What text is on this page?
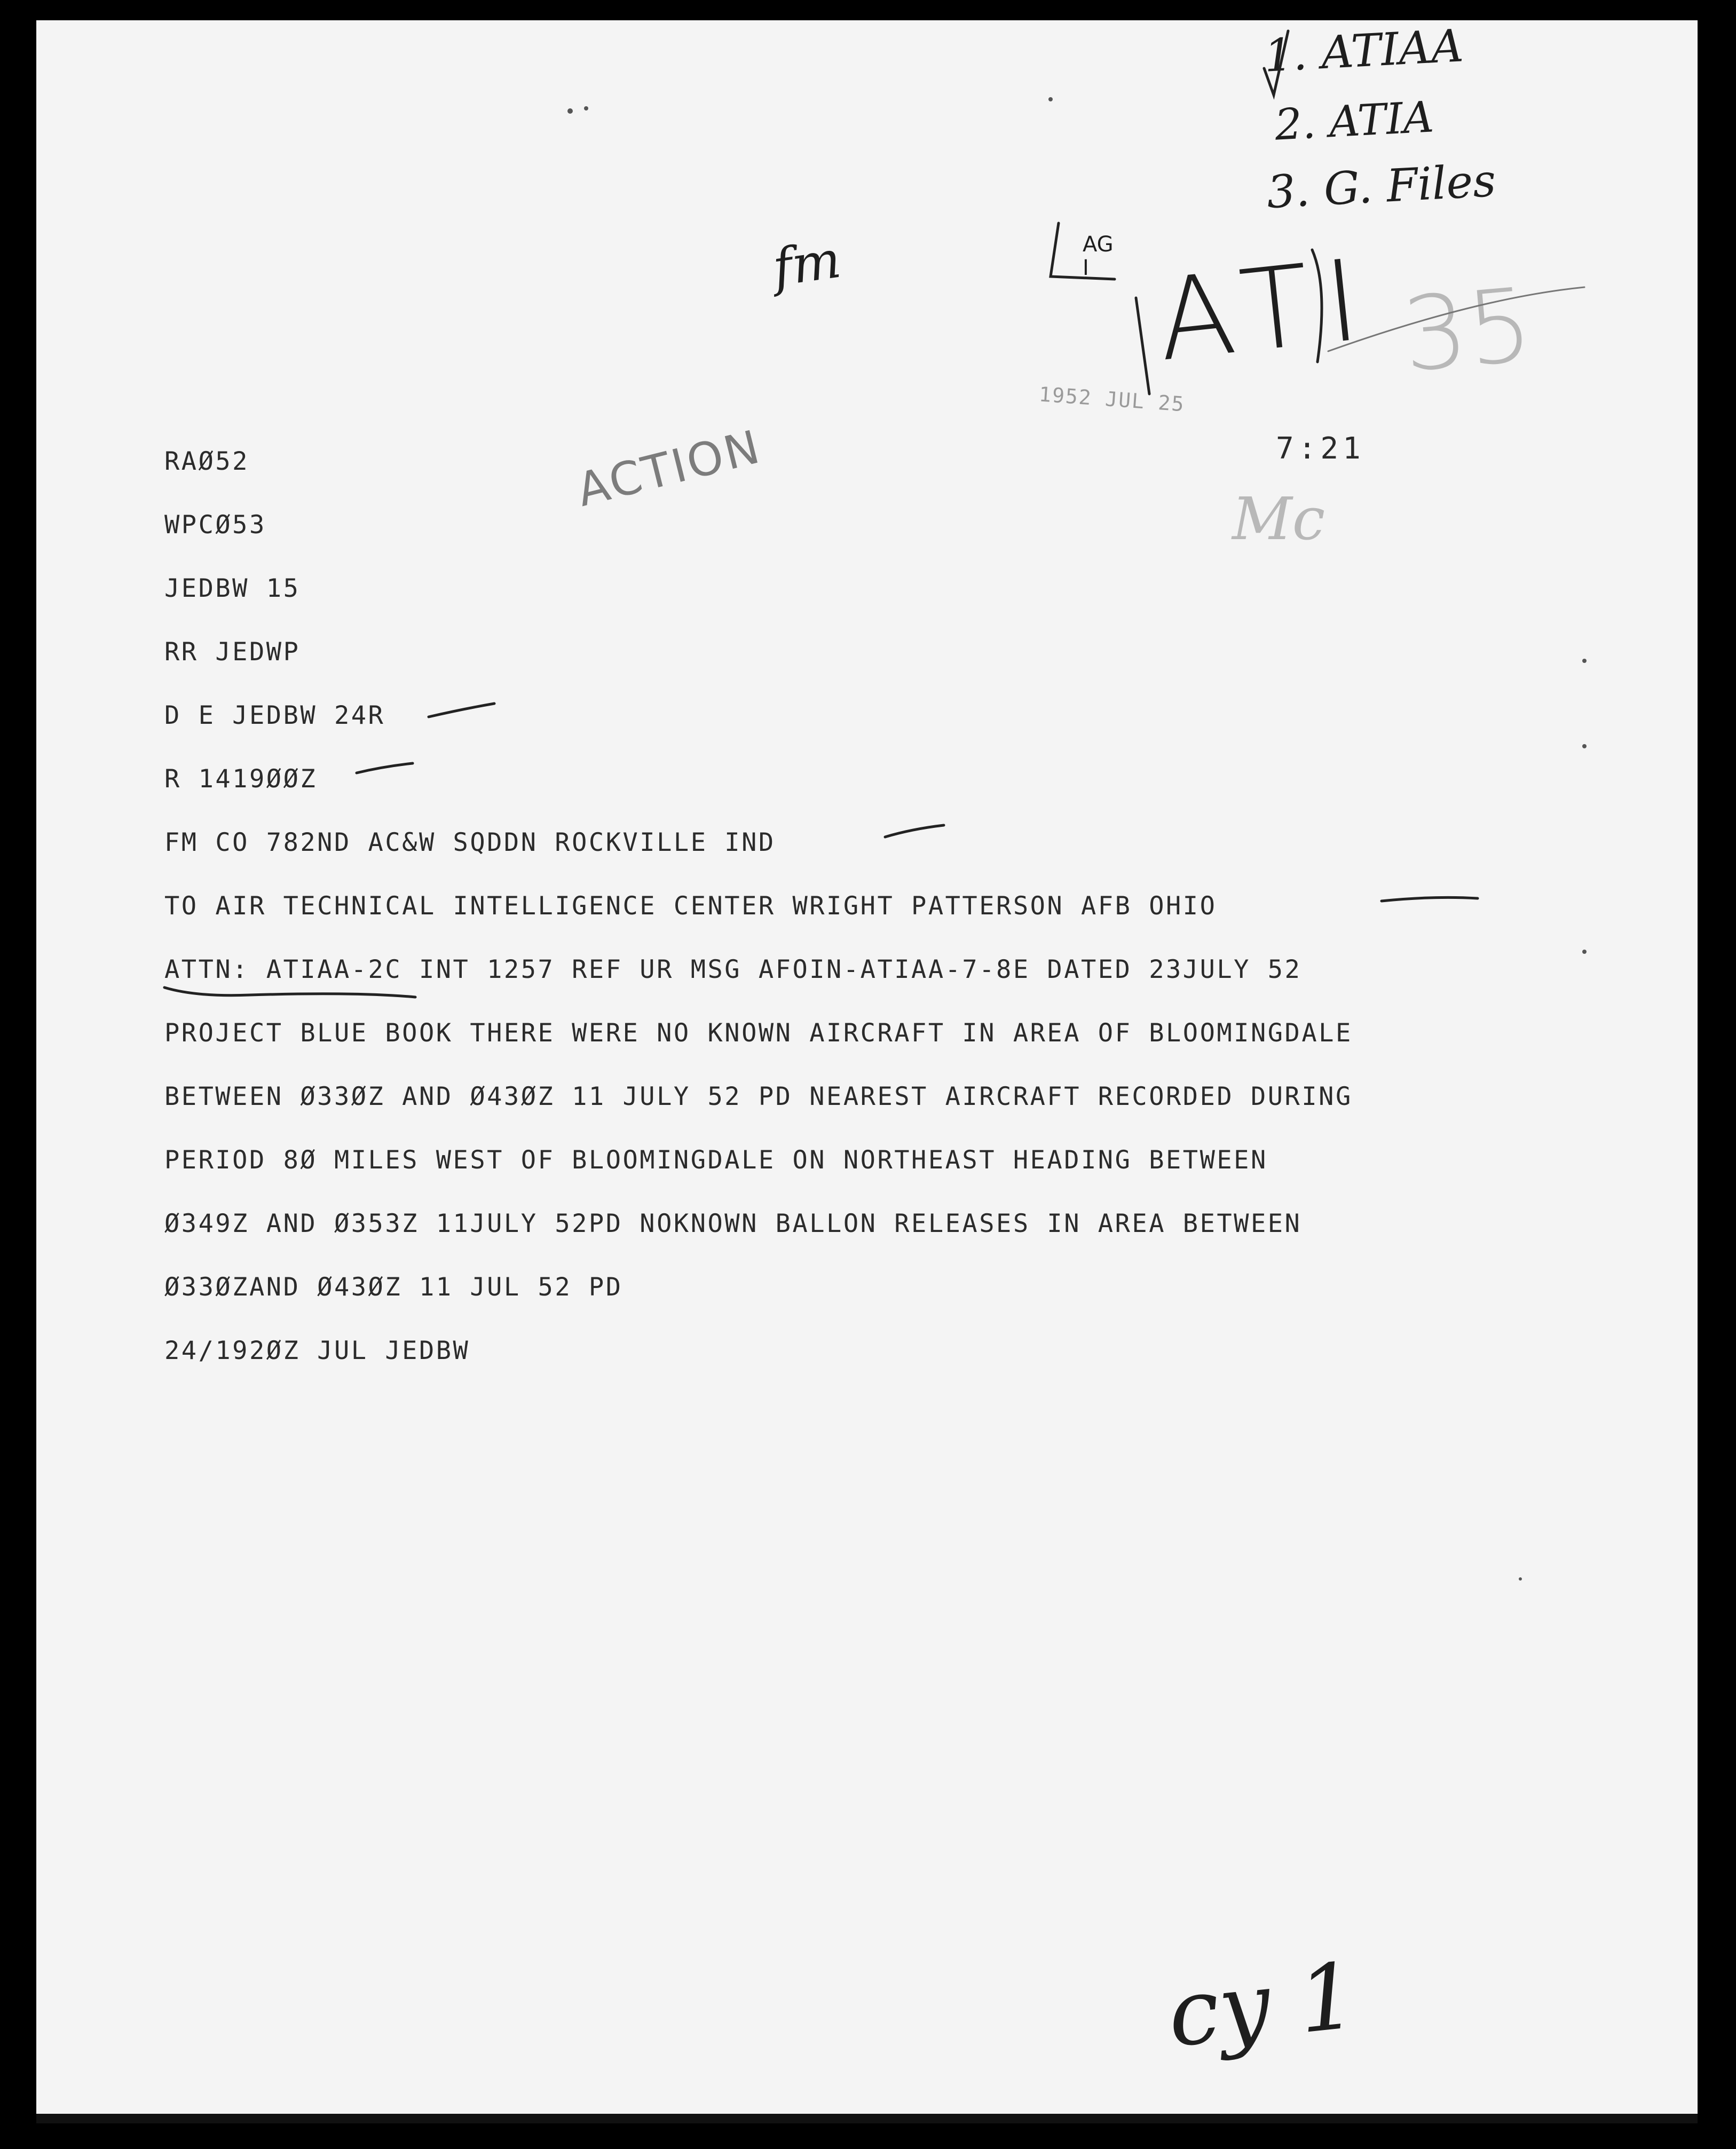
1. ATIAA
2. ATIA
3. G. Files
fm	AG I ATI 35
Mc
ACTION
1952 JUL 25
7:21
cy 1
RAØ52
WPCØ53
JEDBW 15
RR JEDWP
D E JEDBW 24R
R 1419ØØZ
FM CO 782ND AC&W SQDDN ROCKVILLE IND
TO AIR TECHNICAL INTELLIGENCE CENTER WRIGHT PATTERSON AFB OHIO
ATTN: ATIAA-2C INT 1257 REF UR MSG AFOIN-ATIAA-7-8E DATED 23JULY 52
PROJECT BLUE BOOK THERE WERE NO KNOWN AIRCRAFT IN AREA OF BLOOMINGDALE
BETWEEN Ø33ØZ AND Ø43ØZ 11 JULY 52 PD NEAREST AIRCRAFT RECORDED DURING
PERIOD 8Ø MILES WEST OF BLOOMINGDALE ON NORTHEAST HEADING BETWEEN
Ø349Z AND Ø353Z 11JULY 52PD NOKNOWN BALLON RELEASES IN AREA BETWEEN
Ø33ØZAND Ø43ØZ 11 JUL 52 PD
24/192ØZ JUL JEDBW
